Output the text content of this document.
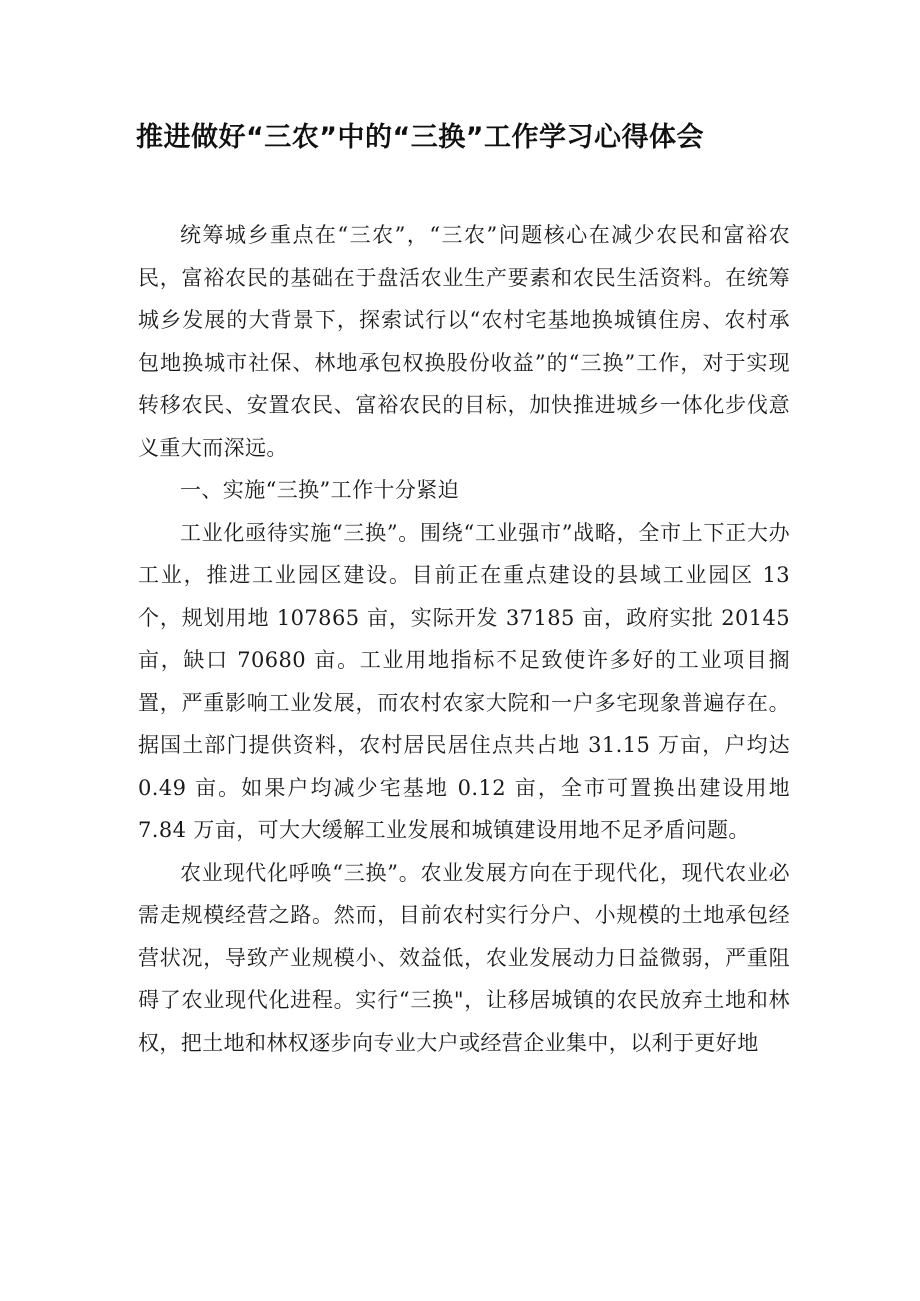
推进做好“三农”中的“三换”工作学习心得体会

统筹城乡重点在“三农”，“三农”问题核心在减少农民和富裕农民，富裕农民的基础在于盘活农业生产要素和农民生活资料。在统筹城乡发展的大背景下，探索试行以“农村宅基地换城镇住房、农村承包地换城市社保、林地承包权换股份收益”的“三换”工作，对于实现转移农民、安置农民、富裕农民的目标，加快推进城乡一体化步伐意义重大而深远。

一、实施“三换”工作十分紧迫

工业化亟待实施“三换”。围绕“工业强市”战略，全市上下正大办工业，推进工业园区建设。目前正在重点建设的县域工业园区 13 个，规划用地 107865 亩，实际开发 37185 亩，政府实批 20145 亩，缺口 70680 亩。工业用地指标不足致使许多好的工业项目搁置，严重影响工业发展，而农村农家大院和一户多宅现象普遍存在。据国土部门提供资料，农村居民居住点共占地 31.15 万亩，户均达 0.49 亩。如果户均减少宅基地 0.12 亩，全市可置换出建设用地 7.84 万亩，可大大缓解工业发展和城镇建设用地不足矛盾问题。

农业现代化呼唤“三换”。农业发展方向在于现代化，现代农业必需走规模经营之路。然而，目前农村实行分户、小规模的土地承包经营状况，导致产业规模小、效益低，农业发展动力日益微弱，严重阻碍了农业现代化进程。实行“三换"，让移居城镇的农民放弃土地和林权，把土地和林权逐步向专业大户或经营企业集中，以利于更好地
